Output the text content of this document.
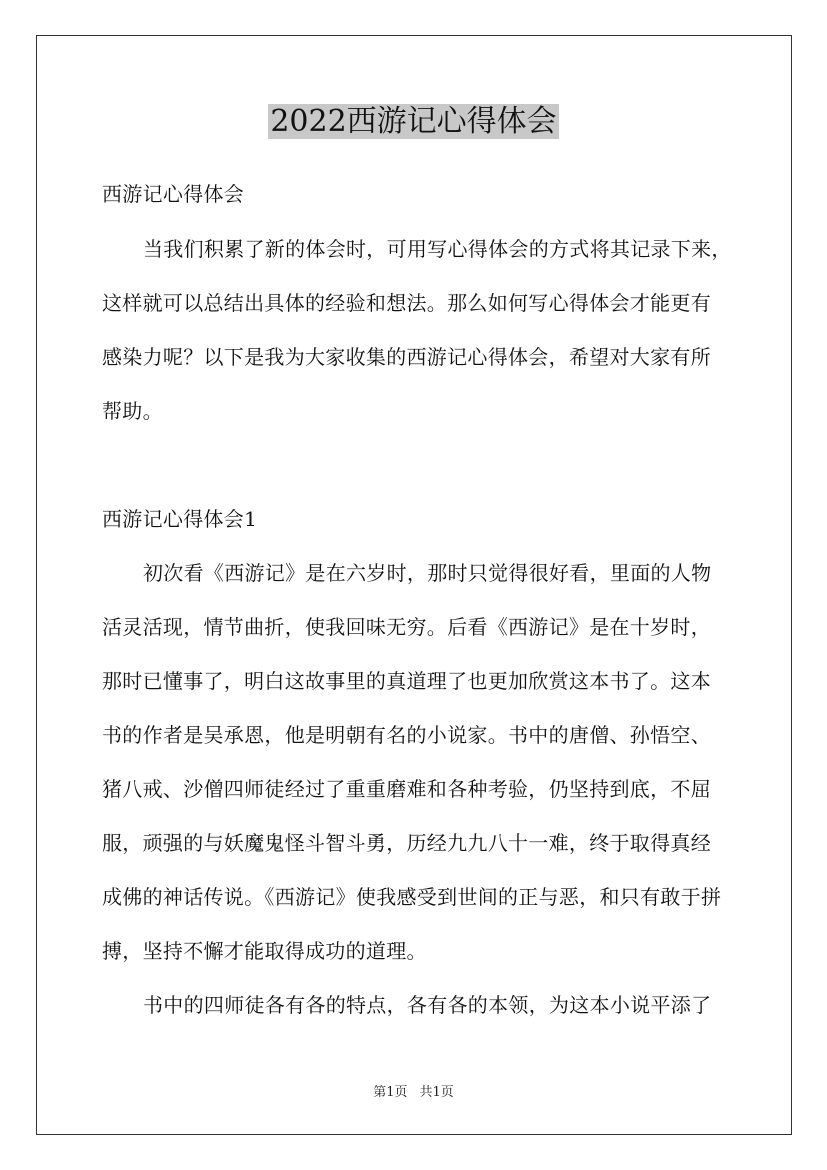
2022西游记心得体会
西游记心得体会
当我们积累了新的体会时，可用写心得体会的方式将其记录下来，
这样就可以总结出具体的经验和想法。那么如何写心得体会才能更有
感染力呢？以下是我为大家收集的西游记心得体会，希望对大家有所
帮助。
西游记心得体会1
初次看《西游记》是在六岁时，那时只觉得很好看，里面的人物
活灵活现，情节曲折，使我回味无穷。后看《西游记》是在十岁时，
那时已懂事了，明白这故事里的真道理了也更加欣赏这本书了。这本
书的作者是吴承恩，他是明朝有名的小说家。书中的唐僧、孙悟空、
猪八戒、沙僧四师徒经过了重重磨难和各种考验，仍坚持到底，不屈
服，顽强的与妖魔鬼怪斗智斗勇，历经九九八十一难，终于取得真经
成佛的神话传说。《西游记》使我感受到世间的正与恶，和只有敢于拼
搏，坚持不懈才能取得成功的道理。
书中的四师徒各有各的特点，各有各的本领，为这本小说平添了
第1页 共1页
